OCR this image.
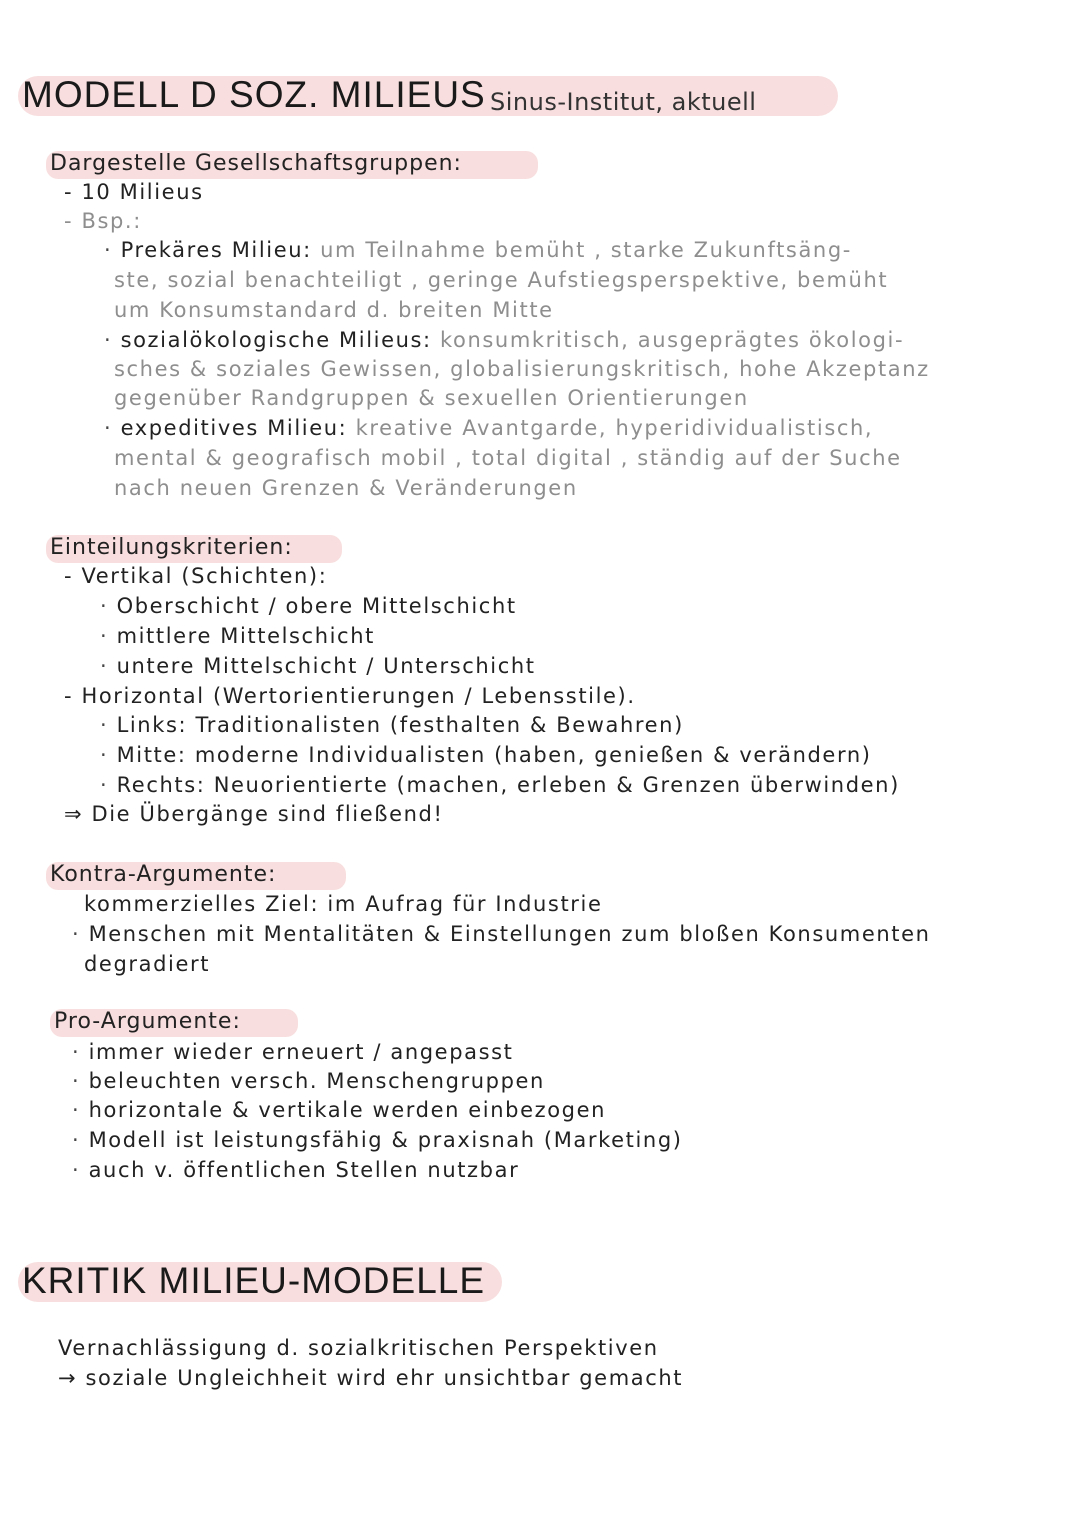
MODELL D SOZ. MILIEUS Sinus-Institut, aktuell
Dargestelle Gesellschaftsgruppen:
- 10 Milieus
- Bsp.:
· Prekäres Milieu: um Teilnahme bemüht , starke Zukunftsäng-
ste, sozial benachteiligt , geringe Aufstiegsperspektive, bemüht
um Konsumstandard d. breiten Mitte
· sozialökologische Milieus: konsumkritisch, ausgeprägtes ökologi-
sches & soziales Gewissen, globalisierungskritisch, hohe Akzeptanz
gegenüber Randgruppen & sexuellen Orientierungen
· expeditives Milieu: kreative Avantgarde, hyperidividualistisch,
mental & geografisch mobil , total digital , ständig auf der Suche
nach neuen Grenzen & Veränderungen
Einteilungskriterien:
- Vertikal (Schichten):
· Oberschicht / obere Mittelschicht
· mittlere Mittelschicht
· untere Mittelschicht / Unterschicht
- Horizontal (Wertorientierungen / Lebensstile).
· Links: Traditionalisten (festhalten & Bewahren)
· Mitte: moderne Individualisten (haben, genießen & verändern)
· Rechts: Neuorientierte (machen, erleben & Grenzen überwinden)
⇒ Die Übergänge sind fließend!
Kontra-Argumente:
kommerzielles Ziel: im Aufrag für Industrie
· Menschen mit Mentalitäten & Einstellungen zum bloßen Konsumenten
degradiert
Pro-Argumente:
· immer wieder erneuert / angepasst
· beleuchten versch. Menschengruppen
· horizontale & vertikale werden einbezogen
· Modell ist leistungsfähig & praxisnah (Marketing)
· auch v. öffentlichen Stellen nutzbar
KRITIK MILIEU-MODELLE
Vernachlässigung d. sozialkritischen Perspektiven
→ soziale Ungleichheit wird ehr unsichtbar gemacht
